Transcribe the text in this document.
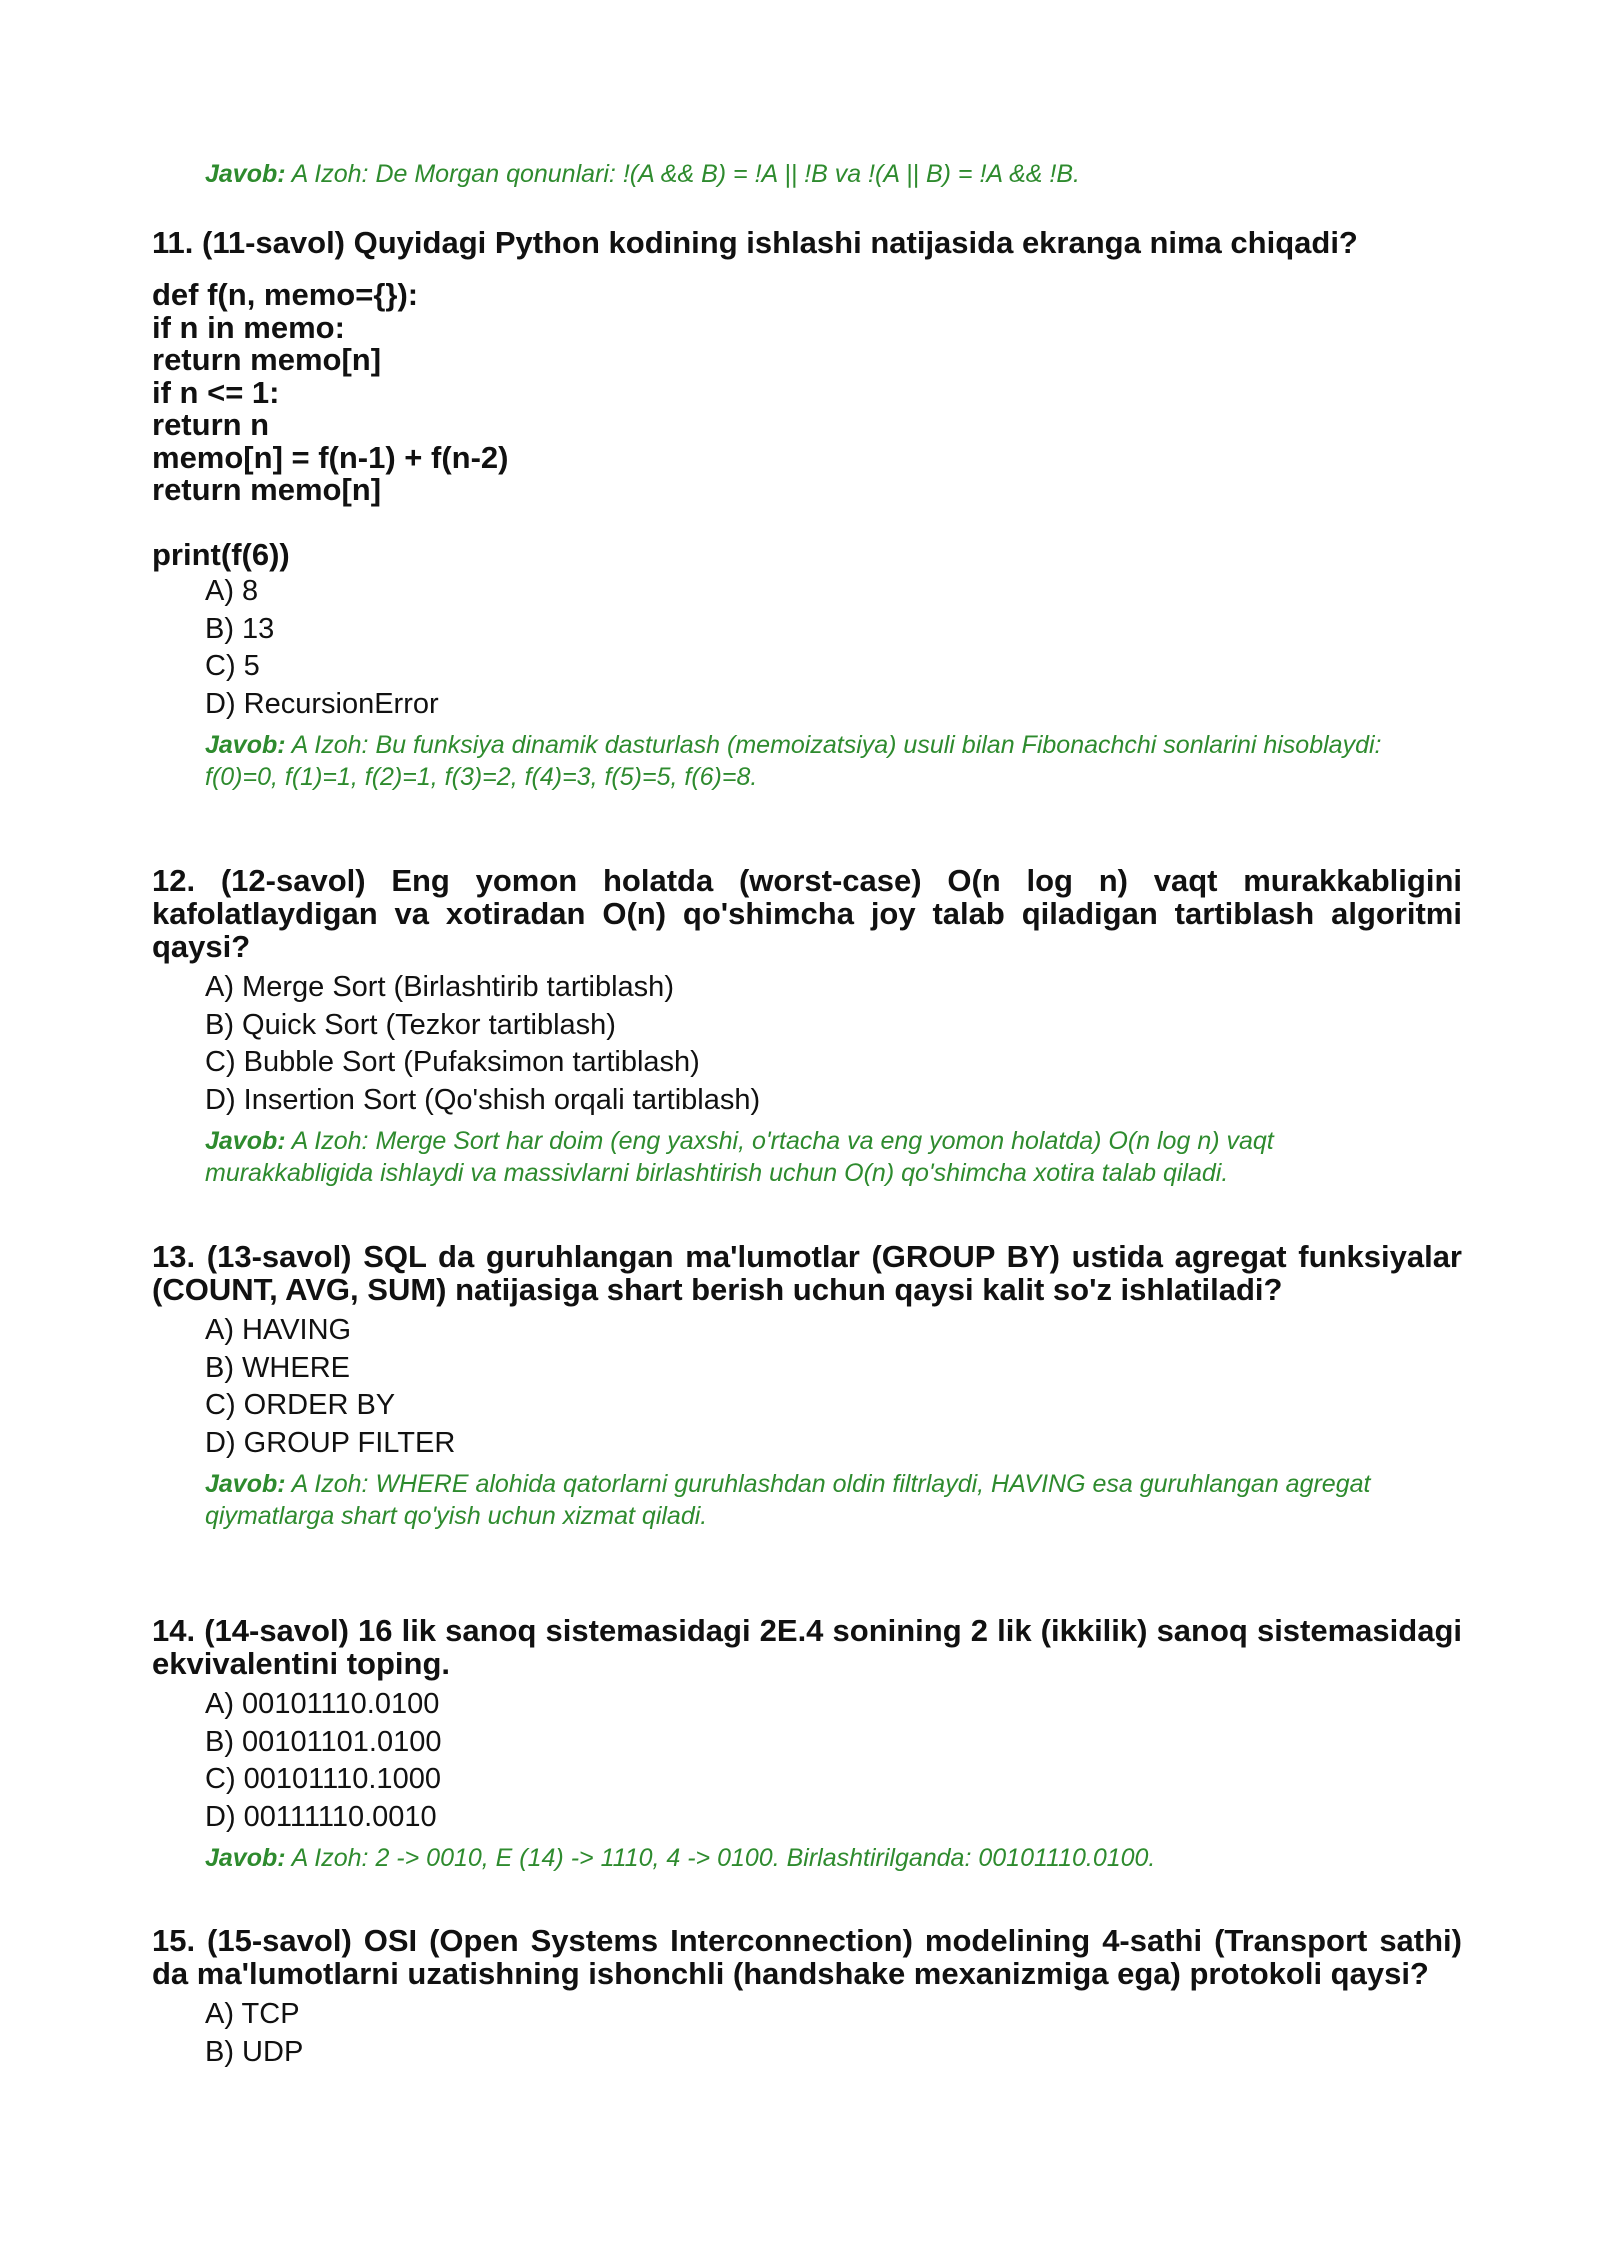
Javob: A Izoh: De Morgan qonunlari: !(A && B) = !A || !B va !(A || B) = !A && !B.
11. (11-savol) Quyidagi Python kodining ishlashi natijasida ekranga nima chiqadi?
def f(n, memo={}):
if n in memo:
return memo[n]
if n <= 1:
return n
memo[n] = f(n-1) + f(n-2)
return memo[n]
print(f(6))
A) 8
B) 13
C) 5
D) RecursionError
Javob: A Izoh: Bu funksiya dinamik dasturlash (memoizatsiya) usuli bilan Fibonachchi sonlarini hisoblaydi: f(0)=0, f(1)=1, f(2)=1, f(3)=2, f(4)=3, f(5)=5, f(6)=8.
12. (12-savol) Eng yomon holatda (worst-case) O(n log n) vaqt murakkabligini kafolatlaydigan va xotiradan O(n) qo'shimcha joy talab qiladigan tartiblash algoritmi qaysi?
A) Merge Sort (Birlashtirib tartiblash)
B) Quick Sort (Tezkor tartiblash)
C) Bubble Sort (Pufaksimon tartiblash)
D) Insertion Sort (Qo'shish orqali tartiblash)
Javob: A Izoh: Merge Sort har doim (eng yaxshi, o'rtacha va eng yomon holatda) O(n log n) vaqt murakkabligida ishlaydi va massivlarni birlashtirish uchun O(n) qo'shimcha xotira talab qiladi.
13. (13-savol) SQL da guruhlangan ma'lumotlar (GROUP BY) ustida agregat funksiyalar (COUNT, AVG, SUM) natijasiga shart berish uchun qaysi kalit so'z ishlatiladi?
A) HAVING
B) WHERE
C) ORDER BY
D) GROUP FILTER
Javob: A Izoh: WHERE alohida qatorlarni guruhlashdan oldin filtrlaydi, HAVING esa guruhlangan agregat qiymatlarga shart qo'yish uchun xizmat qiladi.
14. (14-savol) 16 lik sanoq sistemasidagi 2E.4 sonining 2 lik (ikkilik) sanoq sistemasidagi ekvivalentini toping.
A) 00101110.0100
B) 00101101.0100
C) 00101110.1000
D) 00111110.0010
Javob: A Izoh: 2 -> 0010, E (14) -> 1110, 4 -> 0100. Birlashtirilganda: 00101110.0100.
15. (15-savol) OSI (Open Systems Interconnection) modelining 4-sathi (Transport sathi) da ma'lumotlarni uzatishning ishonchli (handshake mexanizmiga ega) protokoli qaysi?
A) TCP
B) UDP
